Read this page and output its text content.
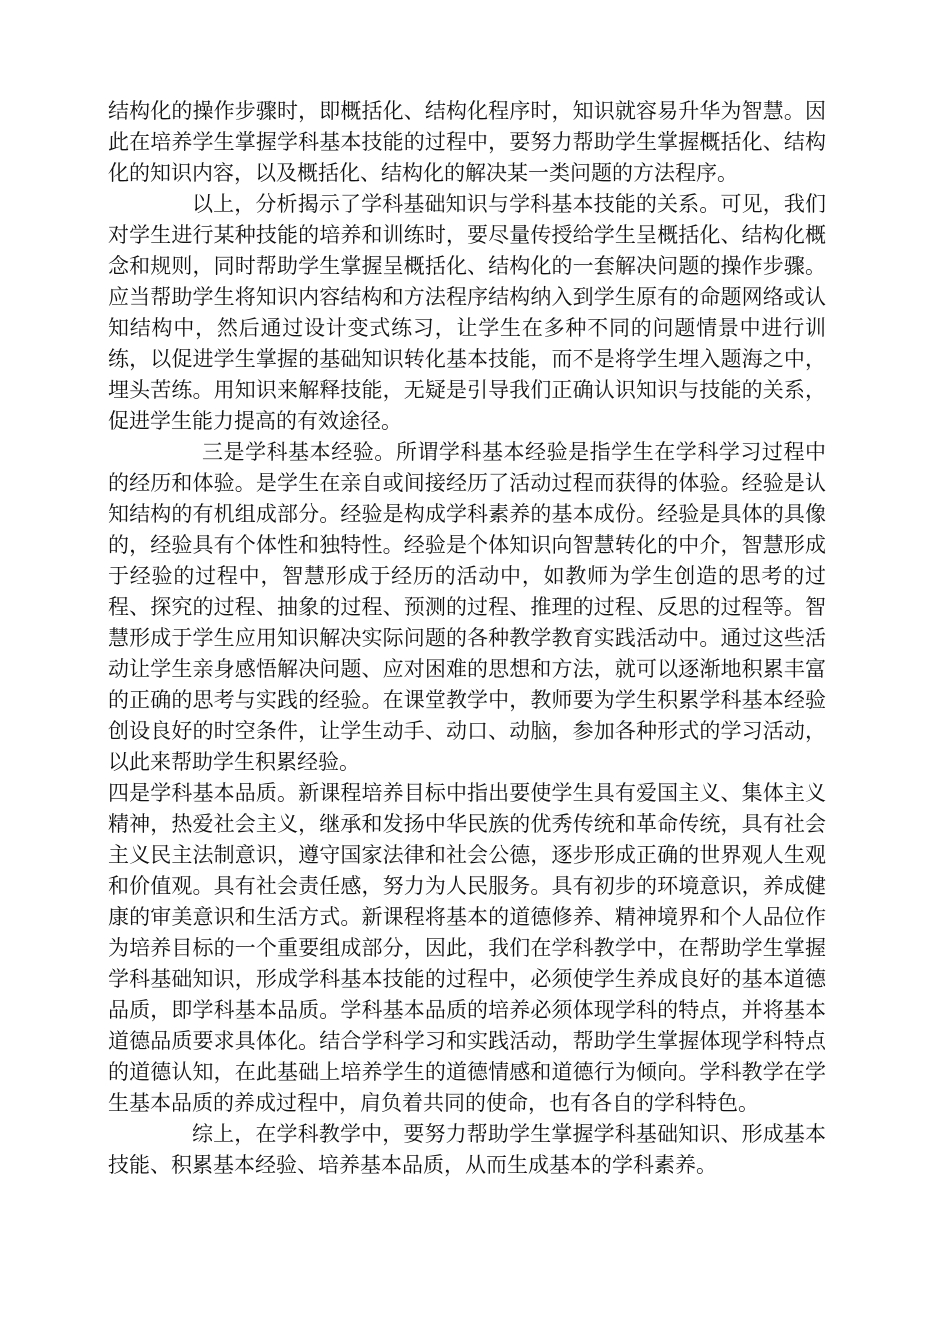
结构化的操作步骤时，即概括化、结构化程序时，知识就容易升华为智慧。因此在培养学生掌握学科基本技能的过程中，要努力帮助学生掌握概括化、结构化的知识内容，以及概括化、结构化的解决某一类问题的方法程序。

以上，分析揭示了学科基础知识与学科基本技能的关系。可见，我们对学生进行某种技能的培养和训练时，要尽量传授给学生呈概括化、结构化概念和规则，同时帮助学生掌握呈概括化、结构化的一套解决问题的操作步骤。应当帮助学生将知识内容结构和方法程序结构纳入到学生原有的命题网络或认知结构中，然后通过设计变式练习，让学生在多种不同的问题情景中进行训练，以促进学生掌握的基础知识转化基本技能，而不是将学生埋入题海之中，埋头苦练。用知识来解释技能，无疑是引导我们正确认识知识与技能的关系，促进学生能力提高的有效途径。

三是学科基本经验。所谓学科基本经验是指学生在学科学习过程中的经历和体验。是学生在亲自或间接经历了活动过程而获得的体验。经验是认知结构的有机组成部分。经验是构成学科素养的基本成份。经验是具体的具像的，经验具有个体性和独特性。经验是个体知识向智慧转化的中介，智慧形成于经验的过程中，智慧形成于经历的活动中，如教师为学生创造的思考的过程、探究的过程、抽象的过程、预测的过程、推理的过程、反思的过程等。智慧形成于学生应用知识解决实际问题的各种教学教育实践活动中。通过这些活动让学生亲身感悟解决问题、应对困难的思想和方法，就可以逐渐地积累丰富的正确的思考与实践的经验。在课堂教学中，教师要为学生积累学科基本经验创设良好的时空条件，让学生动手、动口、动脑，参加各种形式的学习活动，以此来帮助学生积累经验。

四是学科基本品质。新课程培养目标中指出要使学生具有爱国主义、集体主义精神，热爱社会主义，继承和发扬中华民族的优秀传统和革命传统，具有社会主义民主法制意识，遵守国家法律和社会公德，逐步形成正确的世界观人生观和价值观。具有社会责任感，努力为人民服务。具有初步的环境意识，养成健康的审美意识和生活方式。新课程将基本的道德修养、精神境界和个人品位作为培养目标的一个重要组成部分，因此，我们在学科教学中，在帮助学生掌握学科基础知识，形成学科基本技能的过程中，必须使学生养成良好的基本道德品质，即学科基本品质。学科基本品质的培养必须体现学科的特点，并将基本道德品质要求具体化。结合学科学习和实践活动，帮助学生掌握体现学科特点的道德认知，在此基础上培养学生的道德情感和道德行为倾向。学科教学在学生基本品质的养成过程中，肩负着共同的使命，也有各自的学科特色。

综上，在学科教学中，要努力帮助学生掌握学科基础知识、形成基本技能、积累基本经验、培养基本品质，从而生成基本的学科素养。
